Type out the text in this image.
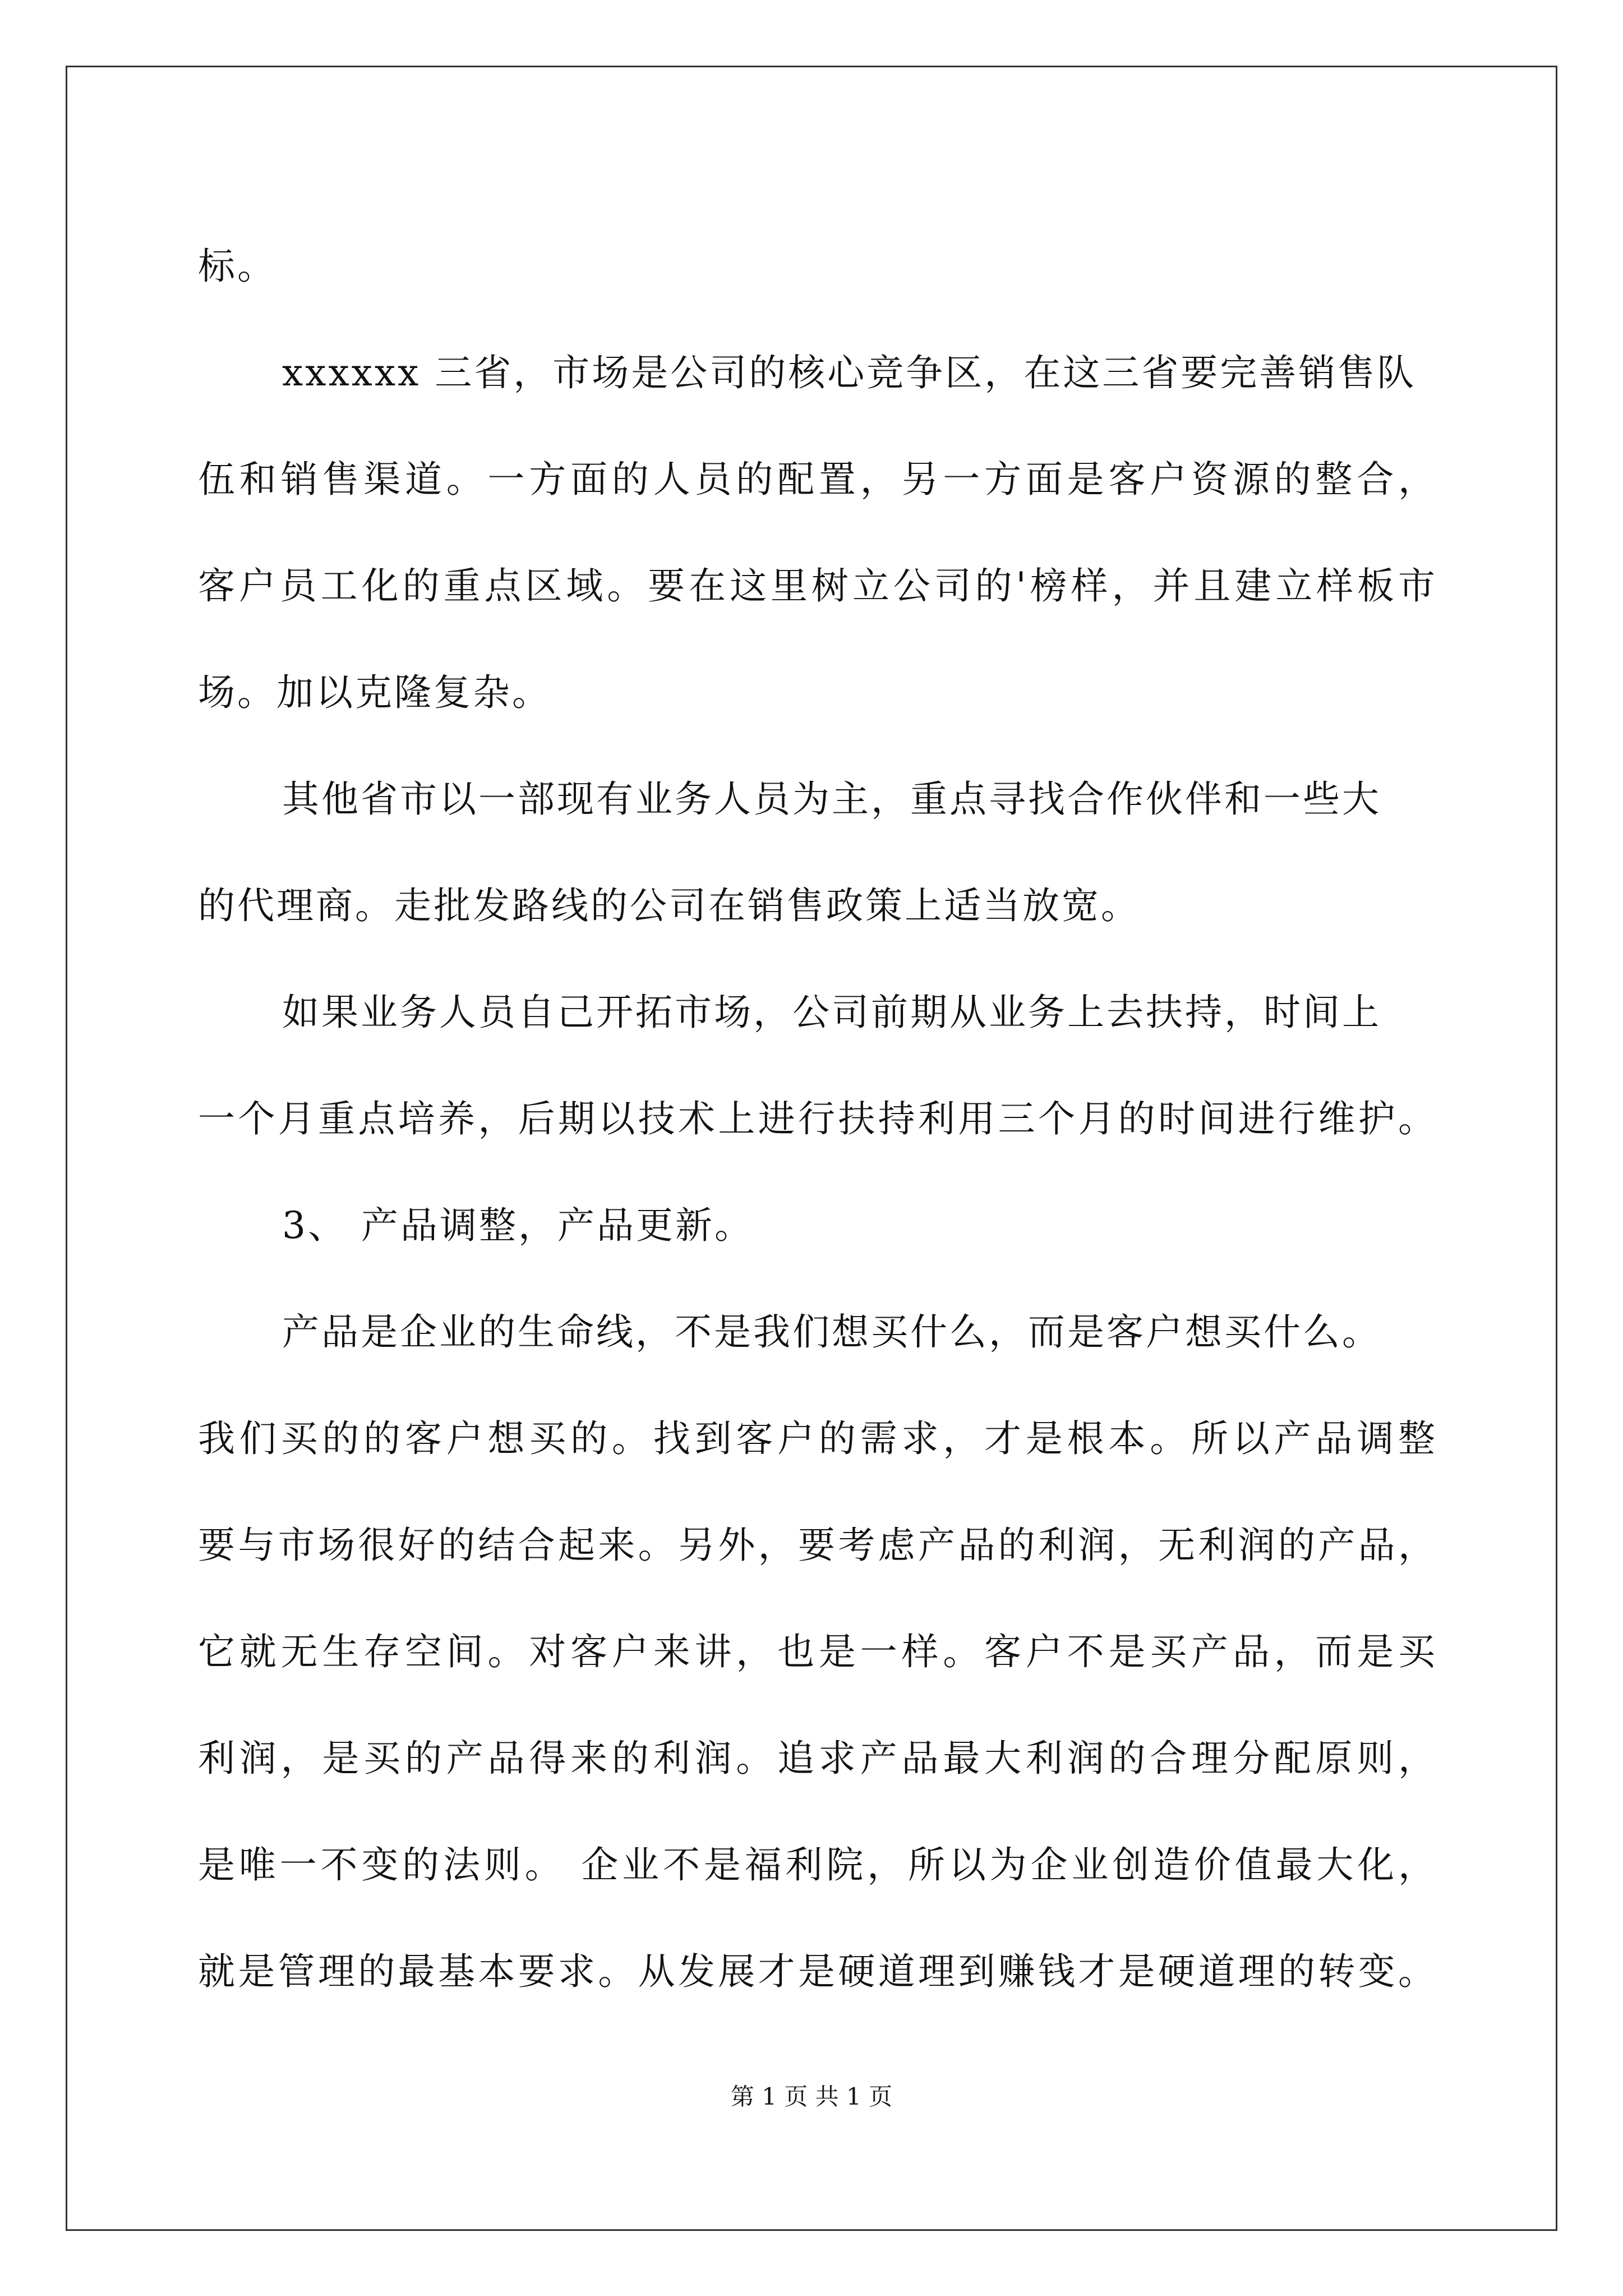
标。
xxxxxx 三省，市场是公司的核心竞争区，在这三省要完善销售队
伍和销售渠道。一方面的人员的配置，另一方面是客户资源的整合，
客户员工化的重点区域。要在这里树立公司的'榜样，并且建立样板市
场。加以克隆复杂。
其他省市以一部现有业务人员为主，重点寻找合作伙伴和一些大
的代理商。走批发路线的公司在销售政策上适当放宽。
如果业务人员自己开拓市场，公司前期从业务上去扶持，时间上
一个月重点培养，后期以技术上进行扶持利用三个月的时间进行维护。
3、 产品调整，产品更新。
产品是企业的生命线，不是我们想买什么，而是客户想买什么。
我们买的的客户想买的。找到客户的需求，才是根本。所以产品调整
要与市场很好的结合起来。另外，要考虑产品的利润，无利润的产品，
它就无生存空间。对客户来讲，也是一样。客户不是买产品，而是买
利润，是买的产品得来的利润。追求产品最大利润的合理分配原则，
是唯一不变的法则。 企业不是福利院，所以为企业创造价值最大化，
就是管理的最基本要求。从发展才是硬道理到赚钱才是硬道理的转变。
第 1 页 共 1 页
